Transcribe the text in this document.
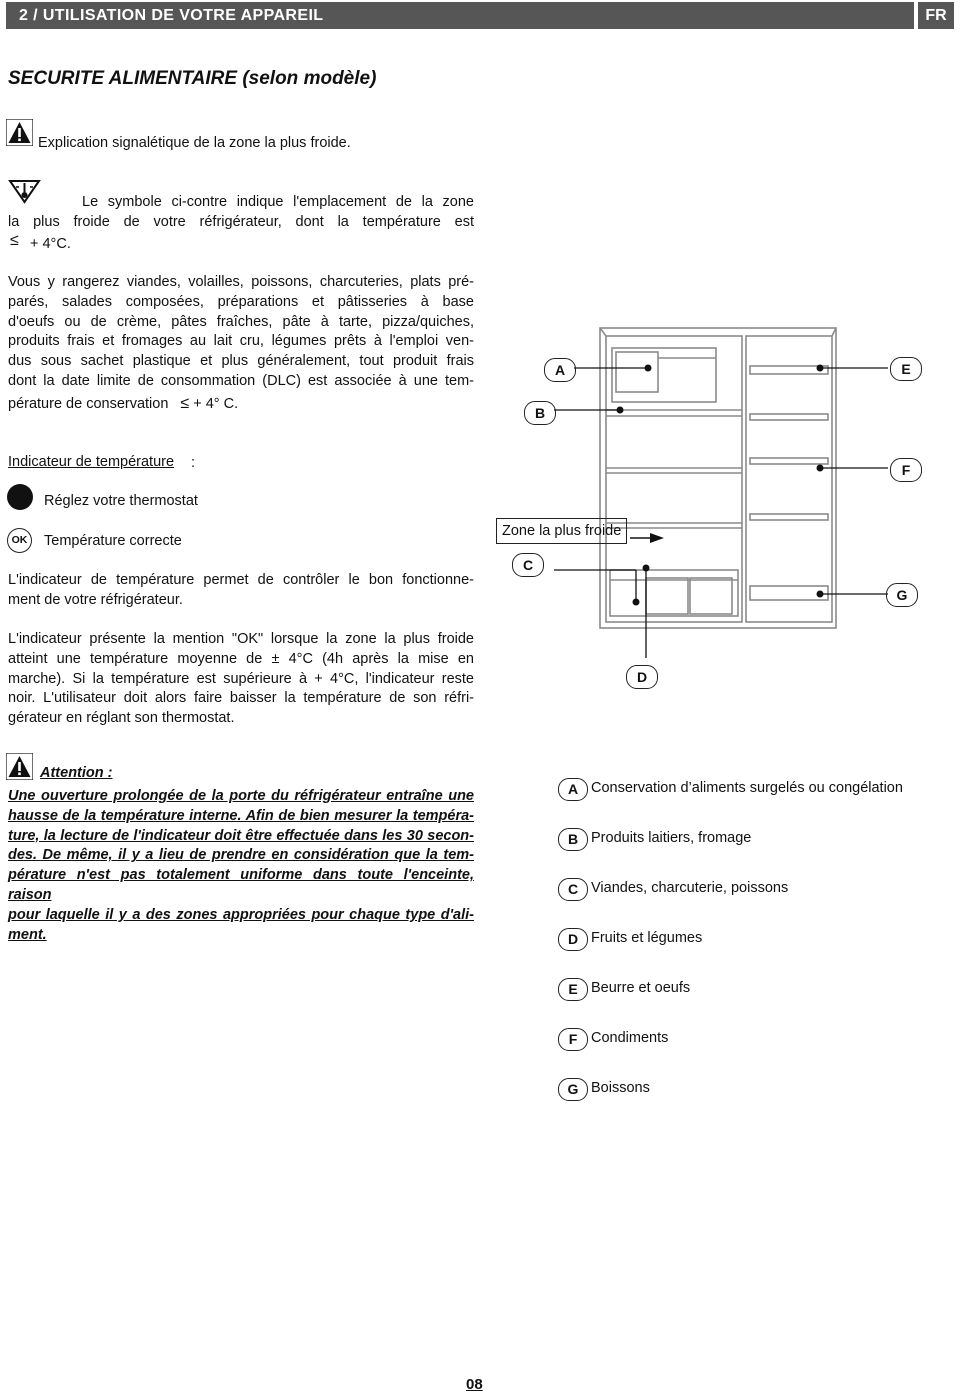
2 / UTILISATION DE VOTRE APPAREIL	FR
SECURITE ALIMENTAIRE (selon modèle)
Explication signalétique de la zone la plus froide.
Le symbole ci-contre indique l'emplacement de la zone
la plus froide de votre réfrigérateur, dont la température est
≤ + 4°C.
Vous y rangerez viandes, volailles, poissons, charcuteries, plats pré-
parés, salades composées, préparations et pâtisseries à base
d'oeufs ou de crème, pâtes fraîches, pâte à tarte, pizza/quiches,
produits frais et fromages au lait cru, légumes prêts à l'emploi ven-
dus sous sachet plastique et plus généralement, tout produit frais
dont la date limite de consommation (DLC) est associée à une tem-
pérature de conservation ≤ + 4° C.
Indicateur de température :
Réglez votre thermostat
OK	Température correcte
L'indicateur de température permet de contrôler le bon fonctionne-
ment de votre réfrigérateur.
L'indicateur présente la mention "OK" lorsque la zone la plus froide
atteint une température moyenne de ± 4°C (4h après la mise en
marche). Si la température est supérieure à + 4°C, l'indicateur reste
noir. L'utilisateur doit alors faire baisser la température de son réfri-
gérateur en réglant son thermostat.
Attention :
Une ouverture prolongée de la porte du réfrigérateur entraîne une
hausse de la température interne. Afin de bien mesurer la tempéra-
ture, la lecture de l'indicateur doit être effectuée dans les 30 secon-
des. De même, il y a lieu de prendre en considération que la tem-
pérature n'est pas totalement uniforme dans toute l'enceinte, raison
pour laquelle il y a des zones appropriées pour chaque type d'ali-
ment.
Zone la plus froide
A
B
E
F
C
G
D
A Conservation d’aliments surgelés ou congélation
B Produits laitiers, fromage
C Viandes, charcuterie, poissons
D Fruits et légumes
E Beurre et oeufs
F Condiments
G Boissons
08
